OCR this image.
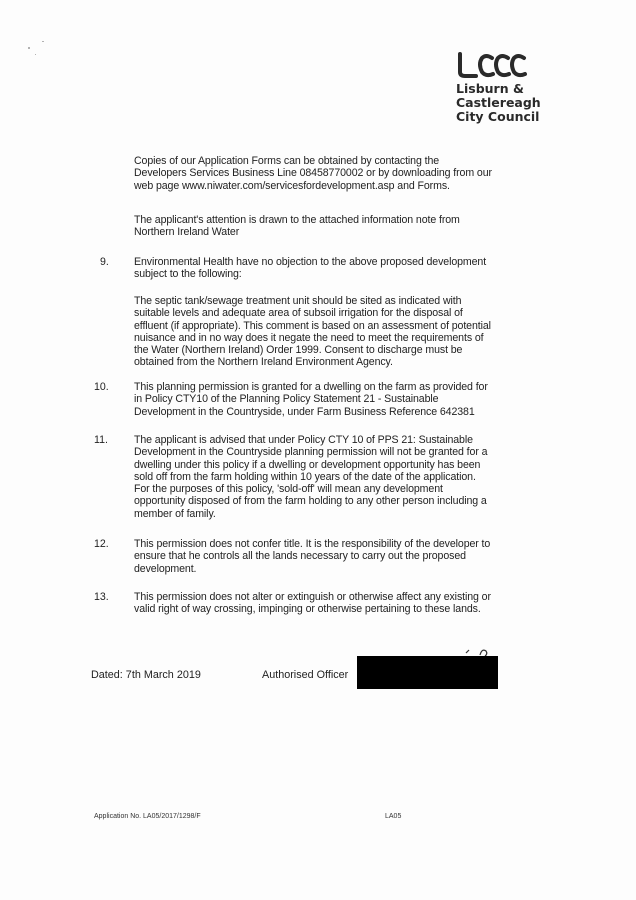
Lisburn &
Castlereagh
City Council
Copies of our Application Forms can be obtained by contacting the
Developers Services Business Line 08458770002 or by downloading from our
web page www.niwater.com/servicesfordevelopment.asp and Forms.
The applicant's attention is drawn to the attached information note from
Northern Ireland Water
9. Environmental Health have no objection to the above proposed development
subject to the following:
The septic tank/sewage treatment unit should be sited as indicated with
suitable levels and adequate area of subsoil irrigation for the disposal of
effluent (if appropriate). This comment is based on an assessment of potential
nuisance and in no way does it negate the need to meet the requirements of
the Water (Northern Ireland) Order 1999. Consent to discharge must be
obtained from the Northern Ireland Environment Agency.
10. This planning permission is granted for a dwelling on the farm as provided for
in Policy CTY10 of the Planning Policy Statement 21 - Sustainable
Development in the Countryside, under Farm Business Reference 642381
11. The applicant is advised that under Policy CTY 10 of PPS 21: Sustainable
Development in the Countryside planning permission will not be granted for a
dwelling under this policy if a dwelling or development opportunity has been
sold off from the farm holding within 10 years of the date of the application.
For the purposes of this policy, 'sold-off' will mean any development
opportunity disposed of from the farm holding to any other person including a
member of family.
12. This permission does not confer title. It is the responsibility of the developer to
ensure that he controls all the lands necessary to carry out the proposed
development.
13. This permission does not alter or extinguish or otherwise affect any existing or
valid right of way crossing, impinging or otherwise pertaining to these lands.
Dated: 7th March 2019	Authorised Officer
Application No. LA05/2017/1298/F	LA05
